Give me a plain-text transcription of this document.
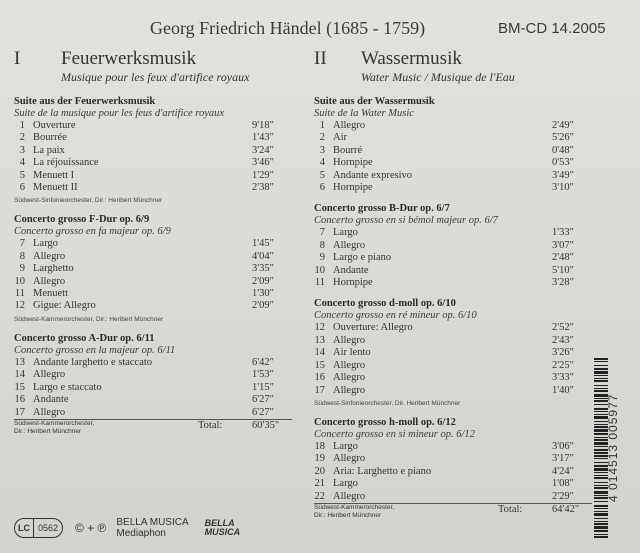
Georg Friedrich Händel (1685 - 1759)	BM-CD 14.2005
I	Feuerwerksmusik
Musique pour les feux d'artifice royaux
Suite aus der Feuerwerksmusik
Suite de la musique pour les feus d'artifice royaux
1 Ouverture	9'18"
2 Bourrée	1'43"
3 La paix	3'24"
4 La réjouissance	3'46"
5 Menuett I	1'29"
6 Menuett II	2'38"
Südwest-Sinfonieorchester, Dir.: Heribert Münchner
Concerto grosso F-Dur op. 6/9
Concerto grosso en fa majeur op. 6/9
7 Largo	1'45"
8 Allegro	4'04"
9 Larghetto	3'35"
10 Allegro	2'09"
11 Menuett	1'30"
12 Gigue: Allegro	2'09"
Südwest-Kammerorchester, Dir.: Heribert Münchner
Concerto grosso A-Dur op. 6/11
Concerto grosso en la majeur op. 6/11
13 Andante larghetto e staccato	6'42"
14 Allegro	1'53"
15 Largo e staccato	1'15"
16 Andante	6'27"
17 Allegro	6'27"
Südwest-Kammerorchester,
Dir.: Heribert Münchner
Total:	60'35"
II	Wassermusik
Water Music / Musique de l'Eau
Suite aus der Wassermusik
Suite de la Water Music
1 Allegro	2'49"
2 Air	5'26"
3 Bourré	0'48"
4 Hornpipe	0'53"
5 Andante expresivo	3'49"
6 Hornpipe	3'10"
Concerto grosso B-Dur op. 6/7
Concerto grosso en si bémol majeur op. 6/7
7 Largo	1'33"
8 Allegro	3'07"
9 Largo e piano	2'48"
10 Andante	5'10"
11 Hornpipe	3'28"
Concerto grosso d-moll op. 6/10
Concerto grosso en ré mineur op. 6/10
12 Ouverture: Allegro	2'52"
13 Allegro	2'43"
14 Air lento	3'26"
15 Allegro	2'25"
16 Allegro	3'33"
17 Allegro	1'40"
Südwest-Sinfonieorchester, Dir. Heribert Münchner
Concerto grosso h-moll op. 6/12
Concerto grosso en si mineur op. 6/12
18 Largo	3'06"
19 Allegro	3'17"
20 Aria: Larghetto e piano	4'24"
21 Largo	1'08"
22 Allegro	2'29"
Südwest-Kammerorchester,
Dir.: Heribert Münchner
Total:	64'42"
4 014513 005977
LC 0562	© + ℗ BELLA MUSICA
Mediaphon
BELLA
MUSICA
